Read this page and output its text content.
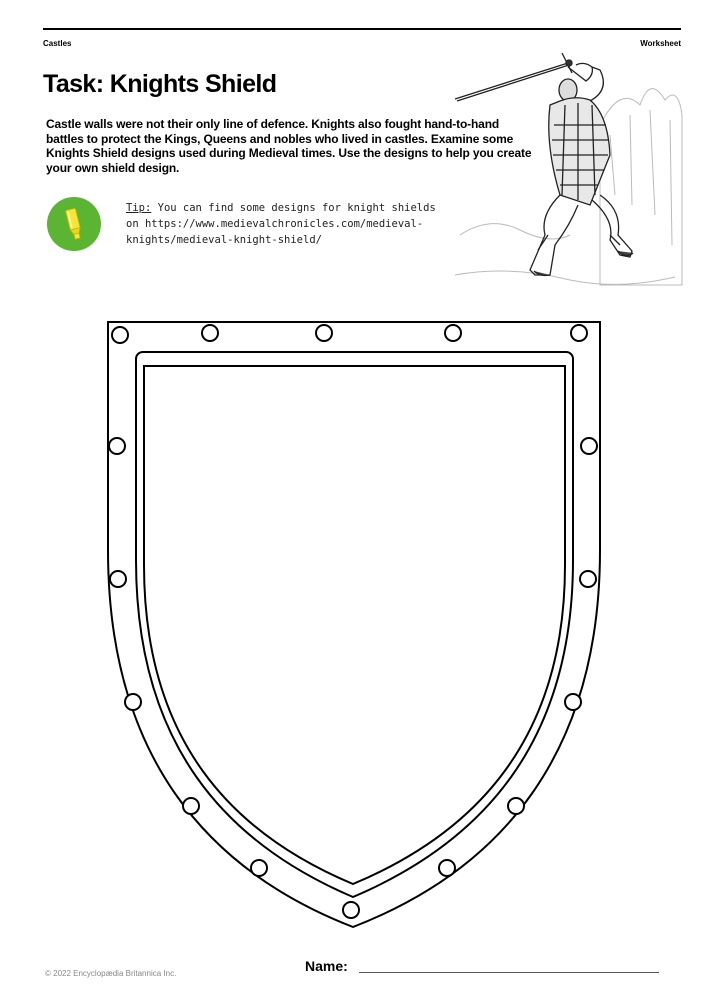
Castles	Worksheet
Task: Knights Shield

Castle walls were not their only line of defence. Knights also fought hand-to-hand battles to protect the Kings, Queens and nobles who lived in castles. Examine some Knights Shield designs used during Medieval times. Use the designs to help you create your own shield design.

Tip: You can find some designs for knight shields on https://www.medievalchronicles.com/medieval-knights/medieval-knight-shield/

© 2022 Encyclopædia Britannica Inc.	Name:
